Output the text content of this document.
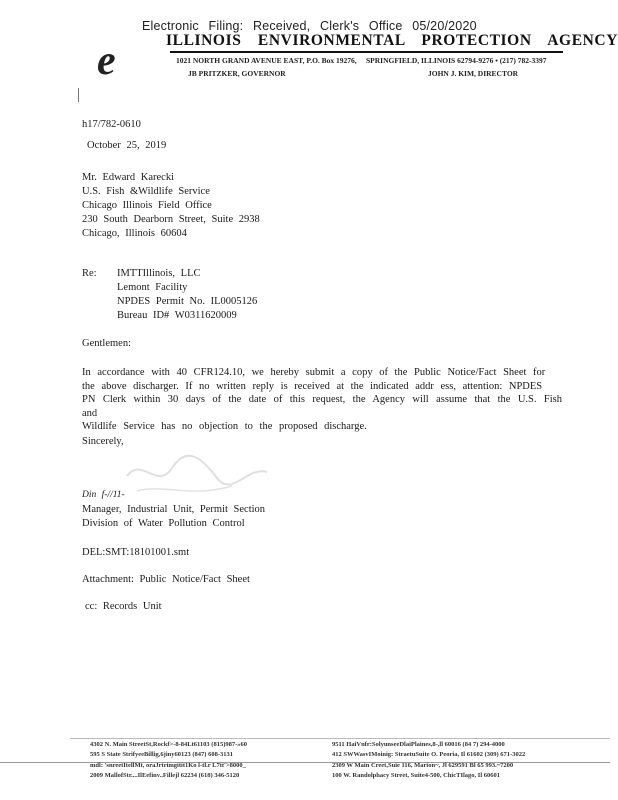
Electronic Filing: Received, Clerk's Office 05/20/2020
e	ILLINOIS ENVIRONMENTAL PROTECTION AGENCY
1021 NORTH GRAND AVENUE EAST, P.O. Box 19276, SPRINGFIELD, ILLINOIS 62794-9276 • (217) 782-3397
JB PRITZKER, GOVERNOR	JOHN J. KIM, DIRECTOR
h17/782-0610
October 25, 2019
Mr. Edward Karecki
U.S. Fish &Wildlife Service
Chicago Illinois Field Office
230 South Dearborn Street, Suite 2938
Chicago, Illinois 60604
Re: IMTTIllinois, LLC
Lemont Facility
NPDES Permit No. IL0005126
Bureau ID# W0311620009
Gentlemen:
In accordance with 40 CFR124.10, we hereby submit a copy of the Public Notice/Fact Sheet for
the above discharger. If no written reply is received at the indicated addr ess, attention: NPDES
PN Clerk within 30 days of the date of this request, the Agency will assume that the U.S. Fish and
Wildlife Service has no objection to the proposed discharge.
Sincerely,
Din f-//11-
Manager, Industrial Unit, Permit Section
Division of Water Pollution Control
DEL:SMT:18101001.smt
Attachment: Public Notice/Fact Sheet
cc: Records Unit
4302 N. Main StreetSt,Rockf>-8-84Lt61103 (815)987-»60
595 S State StrifyeeBillig,6jiny60123 (847) 608-3131
mdl: 'snreetItellMt, oraJrtrimgitit1Ko l-tl.r L7tt'>8000_
2009 MallofStr....IlEefinv..Fillejl 62234 (618) 346-5120
9511 HaiVnfr:SolyunseeDlaiPlaines,8-,ll 60016 (84 7) 294-4000
412 SWWasvIMoinig: StraetuSuite O. Peoria, Il 61602 (309) 671-3022
2309 W Main Creet,Suie 116, Marion~, Jl 629591 Bl 65 993.~7200
100 W. Randolphacy Street, Suite4-500, ChicTIlago, Il 60601
